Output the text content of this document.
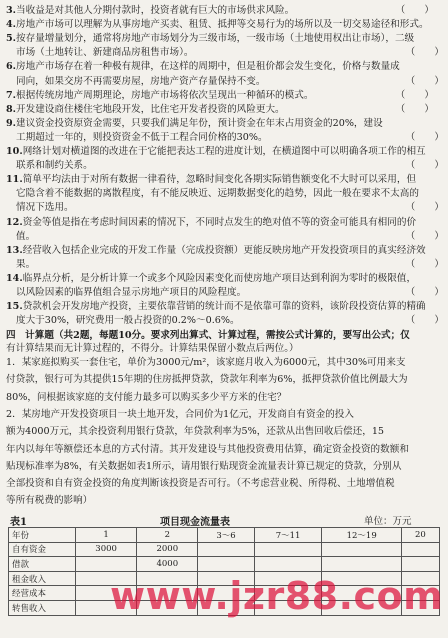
3.当收益是对其他人分期付款时，投资者就有巨大的市场供求风险。	（　　）
4.房地产市场可以理解为从事房地产买卖、租赁、抵押等交易行为的场所以及一切交易途径和形式。
5.按存量增量划分，通常将房地产市场划分为三级市场，一级市场（土地使用权出让市场），二级
市场（土地转让、新建商品房租售市场）。	（　　）
6.房地产市场存在着一种极有规律，在这样的周期中，但是租价都会发生变化，价格与数量成
同向，如果交房不再需要房屋，房地产资产存量保持不变。	（　　）
7.根据传统房地产周期理论，房地产市场将依次呈现出一种循环的模式。	（　　）
8.开发建设商住楼住宅地段开发，比住宅开发者投资的风险更大。	（　　）
9.建议资金投资原资金需要，只要我们满足年份，预计资金在年末占用资金的20%，建设
工期超过一年的，则投资资金不低于工程合同价格的30%。	（　　）
10.网络计划对横道图的改进在于它能把表达工程的进度计划，在横道图中可以明确各项工作的相互
联系和制约关系。	（　　）
11.简单平均法由于对所有数据一律看待，忽略时间变化各期实际销售额变化不大时可以采用，但
它隐含着不能数据的离散程度，有不能反映近、远期数据变化的趋势，因此一般在要求不太高的
情况下选用。	（　　）
12.资金等值是指在考虑时间因素的情况下，不同时点发生的绝对值不等的资金可能具有相同的价
值。	（　　）
13.经营收入包括企业完成的开发工作量（完成投资额）更能反映房地产开发投资项目的真实经济效
果。	（　　）
14.临界点分析，是分析计算一个或多个风险因素变化而使房地产项目达到利润为零时的极限值，
以风险因素的临界值组合显示房地产项目的风险程度。	（　　）
15.贷款机会开发房地产投资，主要依靠营销的统计而不是依靠可靠的资料，该阶段投资估算的精确
度大于30%，研究费用一般占投资的0.2%～0.6%。	（　　）
四　计算题（共2题，每题10分。要求列出算式、计算过程，需按公式计算的，要写出公式；仅
有计算结果而无计算过程的，不得分。计算结果保留小数点后两位。）
1．某家庭拟购买一套住宅，单价为3000元/m²，该家庭月收入为6000元，其中30%可用来支
付贷款，银行可为其提供15年期的住房抵押贷款，贷款年利率为6%，抵押贷款价值比例最大为
80%，问根据该家庭的支付能力最多可以购买多少平方米的住宅？
2．某房地产开发投资项目一块土地开发，合同价为1亿元，开发商自有资金的投入
额为4000万元，其余投资利用银行贷款，年贷款利率为5%，还款从出售回收后偿还，15
年内以每年等额偿还本息的方式付清。其开发建设与其他投资费用估算，确定资金投资的数额和
贴现标准率为8%，有关数据如表1所示，请用银行贴现资金流量表计算已规定的贷款，分别从
全部投资和自有资金投资的角度判断该投资是否可行。（不考虑营业税、所得税、土地增值税
等所有税费的影响）
表1	项目现金流量表	单位：万元
年份	1	2	3～6	7～11	12～19	20
自有资金	3000	2000				
借款		4000				
租金收入						
经营成本						
转售收入						www.jzr88.com
